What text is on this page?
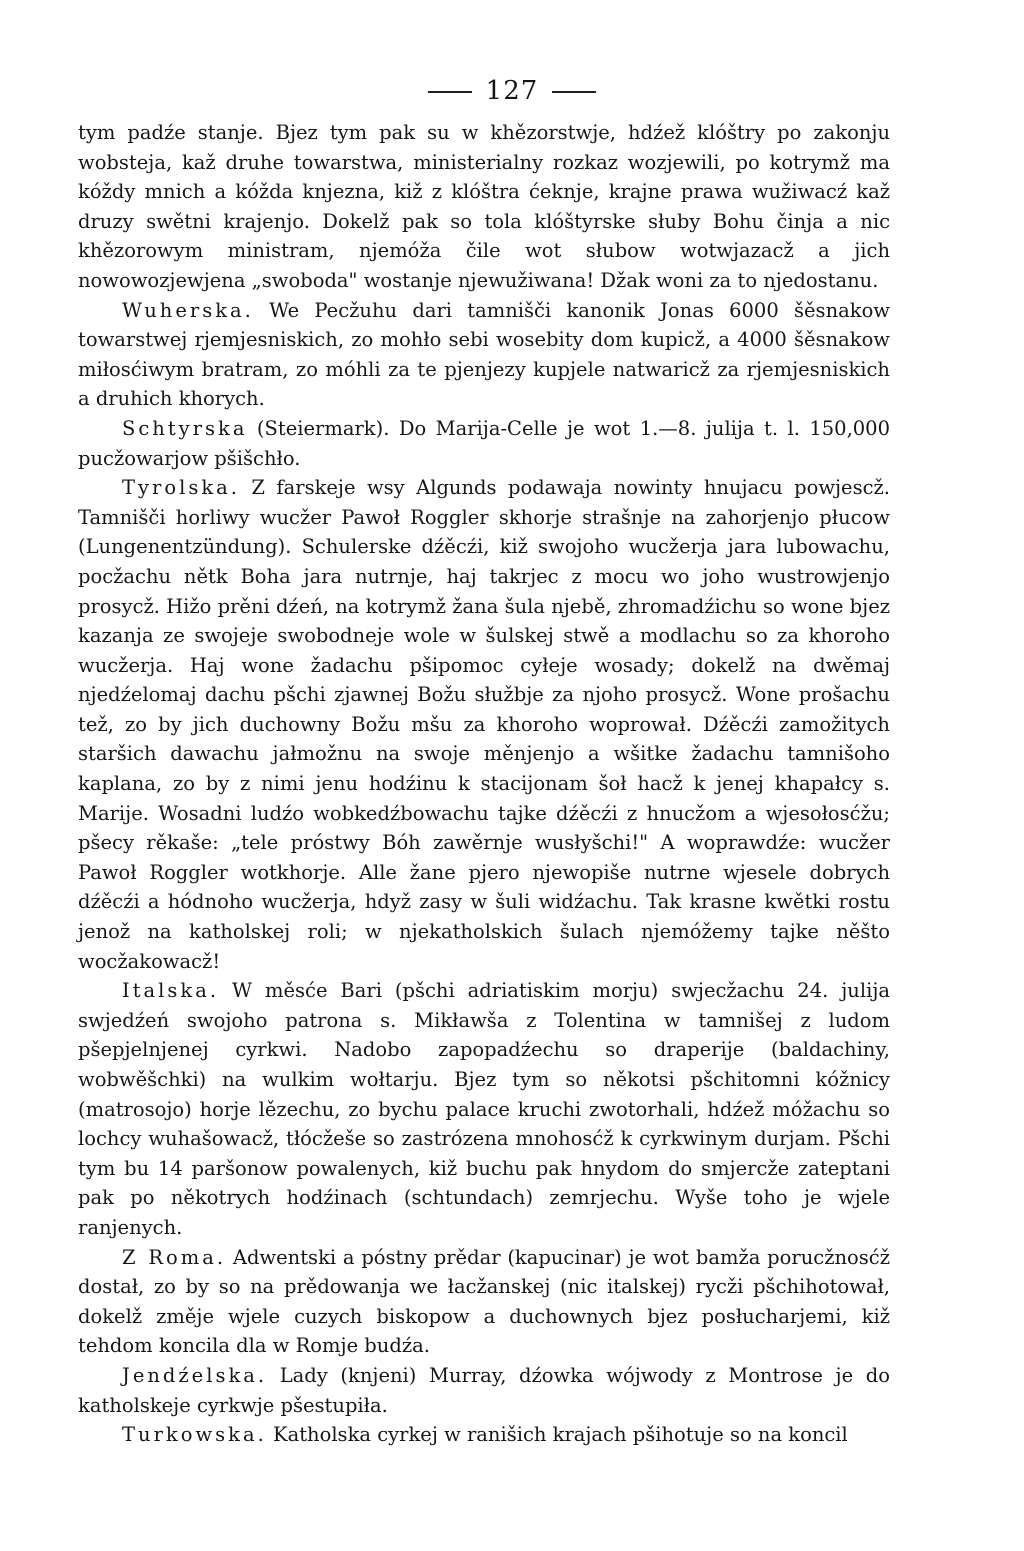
127

tym padźe stanje. Bjez tym pak su w khězorstwje, hdźež klóštry po zakonju wobsteja, kaž druhe towarstwa, ministerialny rozkaz wozjewili, po kotrymž ma kóždy mnich a kóžda knjezna, kiž z klóštra ćeknje, krajne prawa wužiwacź kaž druzy swětni krajenjo. Dokelž pak so tola klóštyrske słuby Bohu činja a nic khězorowym ministram, njemóža čile wot słubow wotwjazacž a jich nowowozjewjena „swoboda" wostanje njewužiwana! Džak woni za to njedostanu.

Wuherska. We Pecžuhu dari tamnišči kanonik Jonas 6000 šěsnakow towarstwej rjemjesniskich, zo mohło sebi wosebity dom kupicž, a 4000 šěsnakow miłosćiwym bratram, zo móhli za te pjenjezy kupjele natwaricž za rjemjesniskich a druhich khorych.

Schtyrska (Steiermark). Do Marija-Celle je wot 1.—8. julija t. l. 150,000 pucžowarjow pšišchło.

Tyrolska. Z farskeje wsy Algunds podawaja nowinty hnujacu powjescž. Tamnišči horliwy wucžer Pawoł Roggler skhorje strašnje na zahorjenjo płucow (Lungenentzündung). Schulerske dźěcźi, kiž swojoho wucžerja jara lubowachu, pocžachu nětk Boha jara nutrnje, haj takrjec z mocu wo joho wustrowjenjo prosycž. Hižo prěni dźeń, na kotrymž žana šula njebě, zhromadźichu so wone bjez kazanja ze swojeje swobodneje wole w šulskej stwě a modlachu so za khoroho wucžerja. Haj wone žadachu pšipomoc cyłeje wosady; dokelž na dwěmaj njedźelomaj dachu pšchi zjawnej Božu słužbje za njoho prosycž. Wone prošachu tež, zo by jich duchowny Božu mšu za khoroho woprował. Dźěcźi zamožitych staršich dawachu jałmožnu na swoje měnjenjo a wšitke žadachu tamnišoho kaplana, zo by z nimi jenu hodźinu k stacijonam šoł hacž k jenej khapałcy s. Marije. Wosadni ludźo wobkedźbowachu tajke dźěcźi z hnucžom a wjesołosćžu; pšecy rěkaše: „tele próstwy Bóh zawěrnje wusłyšchi!" A woprawdźe: wucžer Pawoł Roggler wotkhorje. Alle žane pjero njewopiše nutrne wjesele dobrych dźěcźi a hódnoho wucžerja, hdyž zasy w šuli widźachu. Tak krasne kwětki rostu jenož na katholskej roli; w njekatholskich šulach njemóžemy tajke něšto wocžakowacž!

Italska. W měsće Bari (pšchi adriatiskim morju) swjecžachu 24. julija swjedźeń swojoho patrona s. Mikławša z Tolentina w tamnišej z ludom pšepjelnjenej cyrkwi. Nadobo zapopadźechu so draperije (baldachiny, wobwěšchki) na wulkim wołtarju. Bjez tym so někotsi pšchitomni kóžnicy (matrosojo) horje lězechu, zo bychu palace kruchi zwotorhali, hdźež móžachu so lochcy wuhašowacž, tłócžeše so zastrózena mnohosćž k cyrkwinym durjam. Pšchi tym bu 14 paršonow powalenych, kiž buchu pak hnydom do smjercže zateptani pak po někotrych hodźinach (schtundach) zemrjechu. Wyše toho je wjele ranjenych.

Z Roma. Adwentski a póstny prědar (kapucinar) je wot bamža porucžnosćž dostał, zo by so na prědowanja we łacžanskej (nic italskej) rycži pšchihotował, dokelž změje wjele cuzych biskopow a duchownych bjez posłucharjemi, kiž tehdom koncila dla w Romje budźa.

Jendźelska. Lady (knjeni) Murray, dźowka wójwody z Montrose je do katholskeje cyrkwje pšestupiła.

Turkowska. Katholska cyrkej w ranišich krajach pšihotuje so na koncil
